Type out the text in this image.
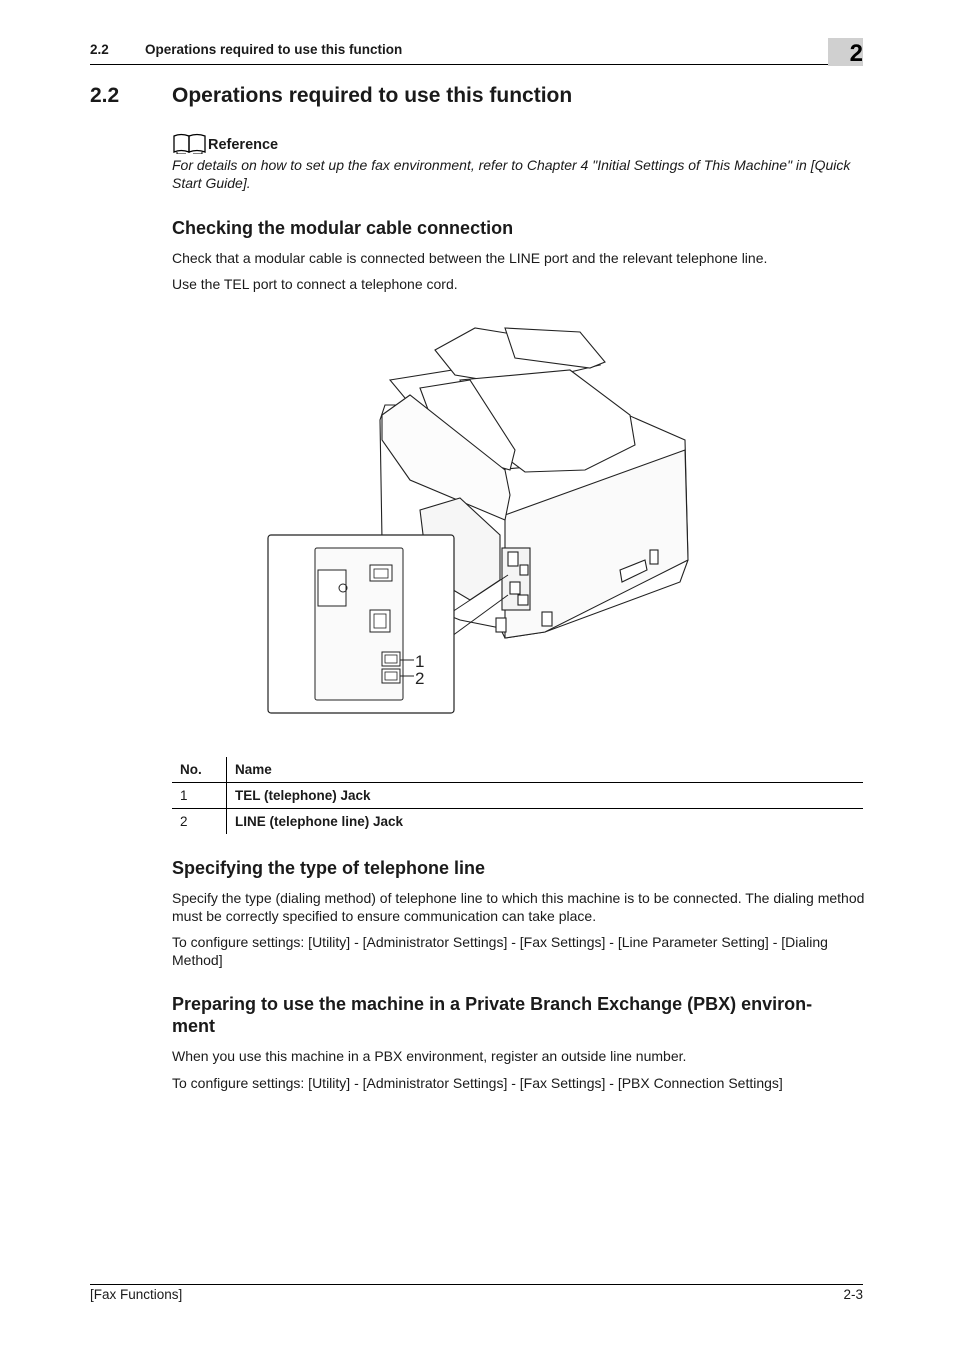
2.2	Operations required to use this function	2
2.2	Operations required to use this function
Reference
For details on how to set up the fax environment, refer to Chapter 4 "Initial Settings of This Machine" in [Quick Start Guide].
Checking the modular cable connection
Check that a modular cable is connected between the LINE port and the relevant telephone line.
Use the TEL port to connect a telephone cord.
1
2
No.	Name
1	TEL (telephone) Jack
2	LINE (telephone line) Jack
Specifying the type of telephone line
Specify the type (dialing method) of telephone line to which this machine is to be connected. The dialing method must be correctly specified to ensure communication can take place.
To configure settings: [Utility] - [Administrator Settings] - [Fax Settings] - [Line Parameter Setting] - [Dialing Method]
Preparing to use the machine in a Private Branch Exchange (PBX) environ-
ment
When you use this machine in a PBX environment, register an outside line number.
To configure settings: [Utility] - [Administrator Settings] - [Fax Settings] - [PBX Connection Settings]
[Fax Functions]	2-3
